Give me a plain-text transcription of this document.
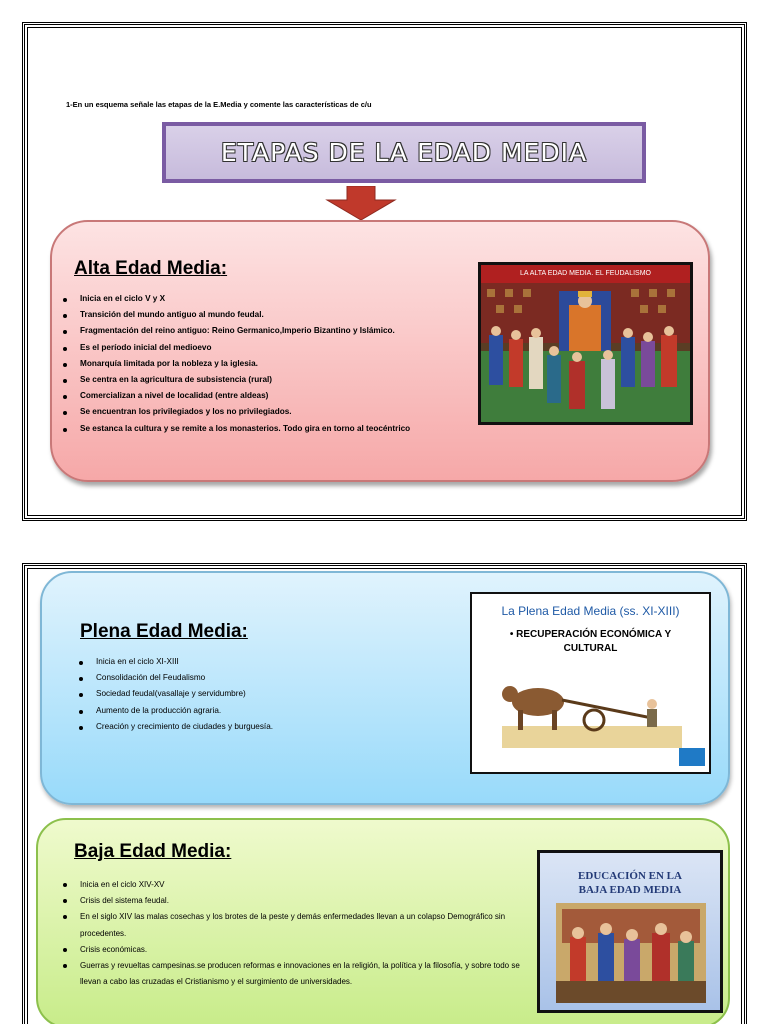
1-En un esquema señale las etapas de la E.Media y comente las características de c/u
ETAPAS DE LA EDAD MEDIA
Alta Edad Media:
Inicia en el ciclo V y X
Transición del mundo antiguo al mundo feudal.
Fragmentación del reino antiguo: Reino Germanico,Imperio Bizantino y Islámico.
Es el período inicial del medioevo
Monarquía limitada por la nobleza y la iglesia.
Se centra en la agricultura de subsistencia (rural)
Comercializan a nivel de localidad (entre aldeas)
Se encuentran los privilegiados y los no privilegiados.
Se estanca la cultura y se remite a los monasterios. Todo gira en torno al teocéntrico
LA ALTA EDAD MEDIA. EL FEUDALISMO
Plena Edad Media:
Inicia en el ciclo XI-XIII
Consolidación del Feudalismo
Sociedad feudal(vasallaje y servidumbre)
Aumento de la producción agraria.
Creación y crecimiento de ciudades y burguesía.
La Plena Edad Media (ss. XI-XIII)
• RECUPERACIÓN ECONÓMICA Y
CULTURAL
Baja Edad Media:
Inicia en el ciclo XIV-XV
Crisis del sistema feudal.
En el siglo XIV las malas cosechas y los brotes de la peste y demás enfermedades llevan a un colapso Demográfico sin procedentes.
Crisis económicas.
Guerras y revueltas campesinas.se producen reformas e innovaciones en la religión, la política y la filosofía, y sobre todo se llevan a cabo las cruzadas el Cristianismo y el surgimiento de universidades.
EDUCACIÓN EN LA
BAJA EDAD MEDIA
